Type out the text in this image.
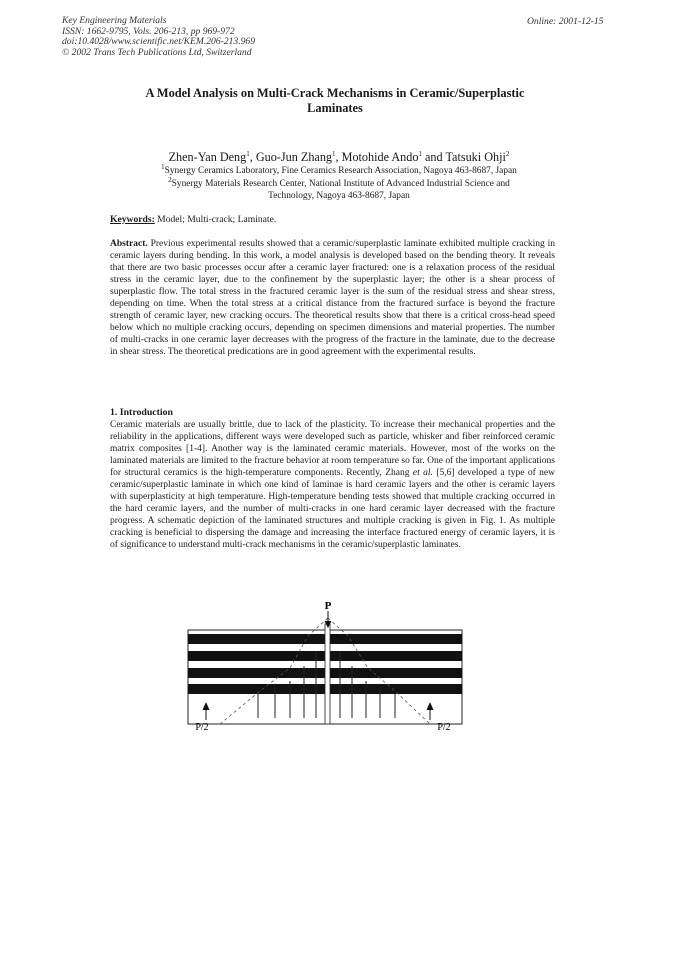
Key Engineering Materials
ISSN: 1662-9795, Vols. 206-213, pp 969-972
doi:10.4028/www.scientific.net/KEM.206-213.969
© 2002 Trans Tech Publications Ltd, Switzerland
Online: 2001-12-15
A Model Analysis on Multi-Crack Mechanisms in Ceramic/Superplastic
Laminates
Zhen-Yan Deng$^1$, Guo-Jun Zhang$^1$, Motohide Ando$^1$ and Tatsuki Ohji$^2$
$^1$Synergy Ceramics Laboratory, Fine Ceramics Research Association, Nagoya 463-8687, Japan
$^2$Synergy Materials Research Center, National Institute of Advanced Industrial Science and
Technology, Nagoya 463-8687, Japan
Keywords: Model; Multi-crack; Laminate.
Abstract. Previous experimental results showed that a ceramic/superplastic laminate exhibited multiple cracking in ceramic layers during bending. In this work, a model analysis is developed based on the bending theory. It reveals that there are two basic processes occur after a ceramic layer fractured: one is a relaxation process of the residual stress in the ceramic layer, due to the confinement by the superplastic layer; the other is a shear process of superplastic flow. The total stress in the fractured ceramic layer is the sum of the residual stress and shear stress, depending on time. When the total stress at a critical distance from the fractured surface is beyond the fracture strength of ceramic layer, new cracking occurs. The theoretical results show that there is a critical cross-head speed below which no multiple cracking occurs, depending on specimen dimensions and material properties. The number of multi-cracks in one ceramic layer decreases with the progress of the fracture in the laminate, due to the decrease in shear stress. The theoretical predications are in good agreement with the experimental results.
1. Introduction
Ceramic materials are usually brittle, due to lack of the plasticity. To increase their mechanical properties and the reliability in the applications, different ways were developed such as particle, whisker and fiber reinforced ceramic matrix composites [1-4]. Another way is the laminated ceramic materials. However, most of the works on the laminated materials are limited to the fracture behavior at room temperature so far. One of the important applications for structural ceramics is the high-temperature components. Recently, Zhang et al. [5,6] developed a type of new ceramic/superplastic laminate in which one kind of laminae is hard ceramic layers and the other is ceramic layers with superplasticity at high temperature. High-temperature bending tests showed that multiple cracking occurred in the hard ceramic layers, and the number of multi-cracks in one hard ceramic layer decreased with the fracture progress. A schematic depiction of the laminated structures and multiple cracking is given in Fig. 1. As multiple cracking is beneficial to dispersing the damage and increasing the interface fractured energy of ceramic layers, it is of significance to understand multi-crack mechanisms in the ceramic/superplastic laminates.
P
P/2	P/2
